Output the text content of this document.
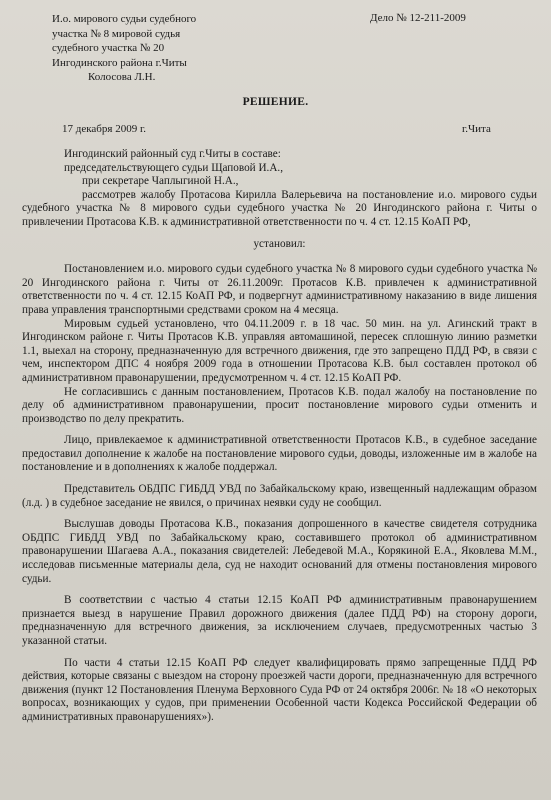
И.о. мирового судьи судебного
участка № 8 мировой судья
судебного участка № 20
Ингодинского района г.Читы
Колосова Л.Н.
Дело № 12-211-2009
РЕШЕНИЕ.
17 декабря 2009 г.	г.Чита

Ингодинский районный суд г.Читы в составе:

председательствующего судьи Щаповой И.А.,

при секретаре Чаплыгиной Н.А.,

рассмотрев жалобу Протасова Кирилла Валерьевича на постановление и.о. мирового судьи судебного участка № 8 мирового судьи судебного участка № 20 Ингодинского района г. Читы о привлечении Протасова К.В. к административной ответственности по ч. 4 ст. 12.15 КоАП РФ,

установил:

Постановлением и.о. мирового судьи судебного участка № 8 мирового судьи судебного участка № 20 Ингодинского района г. Читы от 26.11.2009г. Протасов К.В. привлечен к административной ответственности по ч. 4 ст. 12.15 КоАП РФ, и подвергнут административному наказанию в виде лишения права управления транспортными средствами сроком на 4 месяца.

Мировым судьей установлено, что 04.11.2009 г. в 18 час. 50 мин. на ул. Агинский тракт в Ингодинском районе г. Читы Протасов К.В. управляя автомашиной, пересек сплошную линию разметки 1.1, выехал на сторону, предназначенную для встречного движения, где это запрещено ПДД РФ, в связи с чем, инспектором ДПС 4 ноября 2009 года в отношении Протасова К.В. был составлен протокол об административном правонарушении, предусмотренном ч. 4 ст. 12.15 КоАП РФ.

Не согласившись с данным постановлением, Протасов К.В. подал жалобу на постановление по делу об административном правонарушении, просит постановление мирового судьи отменить и производство по делу прекратить.

Лицо, привлекаемое к административной ответственности Протасов К.В., в судебное заседание предоставил дополнение к жалобе на постановление мирового судьи, доводы, изложенные им в жалобе на постановление и в дополнениях к жалобе поддержал.

Представитель ОБДПС ГИБДД УВД по Забайкальскому краю, извещенный надлежащим образом (л.д. ) в судебное заседание не явился, о причинах неявки суду не сообщил.

Выслушав доводы Протасова К.В., показания допрошенного в качестве свидетеля сотрудника ОБДПС ГИБДД УВД по Забайкальскому краю, составившего протокол об административном правонарушении Шагаева А.А., показания свидетелей: Лебедевой М.А., Корякиной Е.А., Яковлева М.М., исследовав письменные материалы дела, суд не находит оснований для отмены постановления мирового судьи.

В соответствии с частью 4 статьи 12.15 КоАП РФ административным правонарушением признается выезд в нарушение Правил дорожного движения (далее ПДД РФ) на сторону дороги, предназначенную для встречного движения, за исключением случаев, предусмотренных частью 3 указанной статьи.

По части 4 статьи 12.15 КоАП РФ следует квалифицировать прямо запрещенные ПДД РФ действия, которые связаны с выездом на сторону проезжей части дороги, предназначенную для встречного движения (пункт 12 Постановления Пленума Верховного Суда РФ от 24 октября 2006г. № 18 «О некоторых вопросах, возникающих у судов, при применении Особенной части Кодекса Российской Федерации об административных правонарушениях»).
